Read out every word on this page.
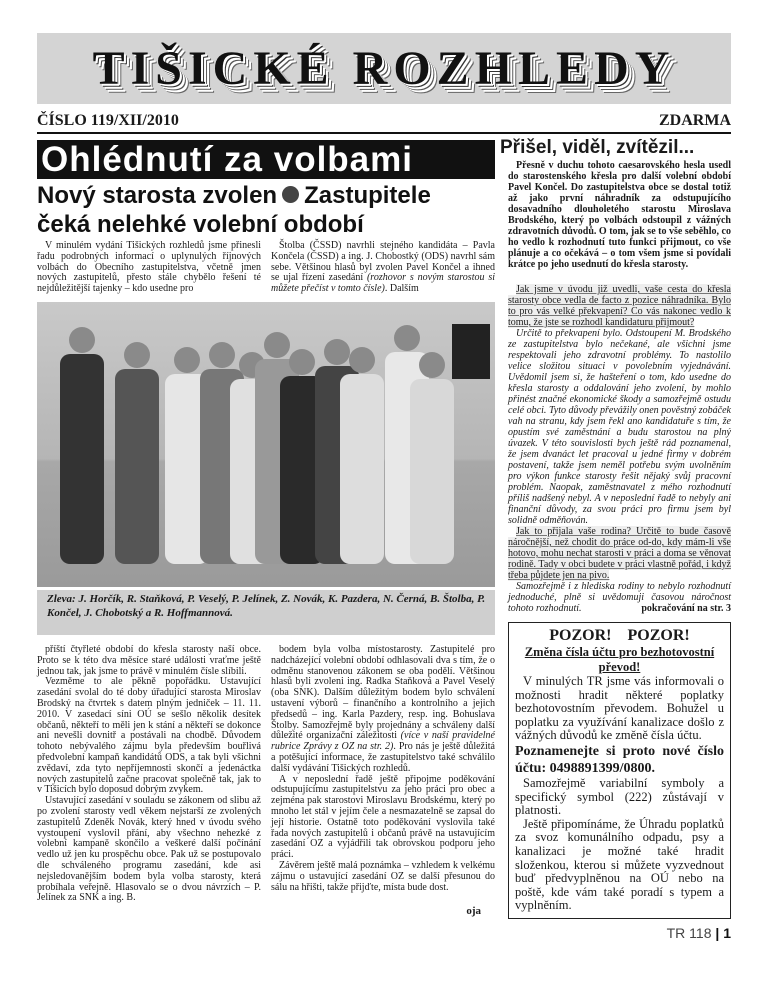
TIŠICKÉ ROZHLEDY
ČÍSLO 119/XII/2010	ZDARMA
Ohlédnutí za volbami
Nový starosta zvolen Zastupitele
čeká nelehké volební období

V minulém vydání Tišických rozhledů jsme přinesli řadu podrobných informací o uplynulých říjnových volbách do Obecního zastupitelstva, včetně jmen nových zastupitelů, přesto stále chybělo řešení té nejdůležitější tajenky – kdo usedne pro

Štolba (ČSSD) navrhli stejného kandidáta – Pavla Končela (ČSSD) a ing. J. Chobostký (ODS) navrhl sám sebe. Většinou hlasů byl zvolen Pavel Končel a ihned se ujal řízení zasedání (rozhovor s novým starostou si můžete přečíst v tomto čísle). Dalším

Zleva: J. Horčík, R. Staňková, P. Veselý, P. Jelínek, Z. Novák, K. Pazdera, N. Černá, B. Štolba, P. Končel, J. Chobotský a R. Hoffmannová.

příští čtyřleté období do křesla starosty naší obce. Proto se k této dva měsíce staré události vraťme ještě jednou tak, jak jsme to právě v minulém čísle slíbili.

Vezměme to ale pěkně popořádku. Ustavující zasedání svolal do té doby úřadující starosta Miroslav Brodský na čtvrtek s datem plným jedniček – 11. 11. 2010. V zasedací síni OÚ se sešlo několik desítek občanů, někteří to měli jen k stání a někteří se dokonce ani nevešli dovnitř a postávali na chodbě. Důvodem tohoto nebývalého zájmu byla především bouřlivá předvolební kampaň kandidátů ODS, a tak byli všichni zvědaví, zda tyto nepříjemnosti skončí a jedenáctka nových zastupitelů začne pracovat společně tak, jak to v Tišicích bylo doposud dobrým zvykem.

Ustavující zasedání v souladu se zákonem od slibu až po zvolení starosty vedl věkem nejstarší ze zvolených zastupitelů Zdeněk Novák, který hned v úvodu svého vystoupení vyslovil přání, aby všechno nehezké z volební kampaně skončilo a veškeré další počínání vedlo už jen ku prospěchu obce. Pak už se postupovalo dle schváleného programu zasedání, kde asi nejsledovanějším bodem byla volba starosty, která probíhala veřejně. Hlasovalo se o dvou návrzích – P. Jelínek za SNK a ing. B.

bodem byla volba místostarosty. Zastupitelé pro nadcházející volební období odhlasovali dva s tím, že o odměnu stanovenou zákonem se oba podělí. Většinou hlasů byli zvoleni ing. Radka Staňková a Pavel Veselý (oba SNK). Dalším důležitým bodem bylo schválení ustavení výborů – finančního a kontrolního a jejich předsedů – ing. Karla Pazdery, resp. ing. Bohuslava Štolby. Samozřejmě byly projednány a schváleny další důležité organizační záležitosti (více v naší pravidelné rubrice Zprávy z OZ na str. 2). Pro nás je ještě důležitá a potěšující informace, že zastupitelstvo také schválilo další vydávání Tišických rozhledů.

A v neposlední řadě ještě připojme poděkování odstupujícímu zastupitelstvu za jeho práci pro obec a zejména pak starostovi Miroslavu Brodskému, který po mnoho let stál v jejím čele a nesmazatelně se zapsal do její historie. Ostatně toto poděkování vyslovila také řada nových zastupitelů i občanů právě na ustavujícím zasedání OZ a vyjádřili tak obrovskou podporu jeho práci.

Závěrem ještě malá poznámka – vzhledem k velkému zájmu o ustavující zasedání OZ se další přesunou do sálu na hřišti, takže přijďte, místa bude dost.

oja
Přišel, viděl, zvítězil...

Přesně v duchu tohoto caesarovského hesla usedl do starostenského křesla pro další volební období Pavel Končel. Do zastupitelstva obce se dostal totiž až jako první náhradník za odstupujícího dosavadního dlouholetého starostu Miroslava Brodského, který po volbách odstoupil z vážných zdravotních důvodů. O tom, jak se to vše seběhlo, co ho vedlo k rozhodnutí tuto funkci přijmout, co vše plánuje a co očekává – o tom všem jsme si povídali krátce po jeho usednutí do křesla starosty.

Jak jsme v úvodu již uvedli, vaše cesta do křesla starosty obce vedla de facto z pozice náhradníka. Bylo to pro vás velké překvapení? Co vás nakonec vedlo k tomu, že jste se rozhodl kandidaturu přijmout?

Určitě to překvapení bylo. Odstoupení M. Brodského ze zastupitelstva bylo nečekané, ale všichni jsme respektovali jeho zdravotní problémy. To nastolilo velice složitou situaci v povolebním vyjednávání. Uvědomil jsem si, že hašteření o tom, kdo usedne do křesla starosty a oddalování jeho zvolení, by mohlo přinést značné ekonomické škody a samozřejmě ostudu celé obci. Tyto důvody převážily onen pověstný zobáček vah na stranu, kdy jsem řekl ano kandidatuře s tím, že opustím své zaměstnání a budu starostou na plný úvazek. V této souvislosti bych ještě rád poznamenal, že jsem dvanáct let pracoval u jedné firmy v dobrém postavení, takže jsem neměl potřebu svým uvolněním pro výkon funkce starosty řešit nějaký svůj pracovní problém. Naopak, zaměstnavatel z mého rozhodnutí příliš nadšený nebyl. A v neposlední řadě to nebyly ani finanční důvody, za svou práci pro firmu jsem byl solidně odměňován.

Jak to přijala vaše rodina? Určitě to bude časově náročnější, než chodit do práce od-do, kdy mám-li vše hotovo, mohu nechat starosti v práci a doma se věnovat rodině. Tady v obci budete v práci vlastně pořád, i když třeba půjdete jen na pivo.

Samozřejmě i z hlediska rodiny to nebylo rozhodnutí jednoduché, plně si uvědomuji časovou náročnost tohoto rozhodnutí.	pokračování na str. 3

POZOR! POZOR!
Změna čísla účtu pro bezhotovostní převod!

V minulých TR jsme vás informovali o možnosti hradit některé poplatky bezhotovostním převodem. Bohužel u poplatku za využívání kanalizace došlo z vážných důvodů ke změně čísla účtu.

Poznamenejte si proto nové číslo účtu: 0498891399/0800.

Samozřejmě variabilní symboly a specifický symbol (222) zůstávají v platnosti.

Ještě připomínáme, že Úhradu poplatků za svoz komunálního odpadu, psy a kanalizaci je možné také hradit složenkou, kterou si můžete vyzvednout buď předvyplněnou na OÚ nebo na poště, kde vám také poradí s typem a vyplněním.

TR 118 | 1
